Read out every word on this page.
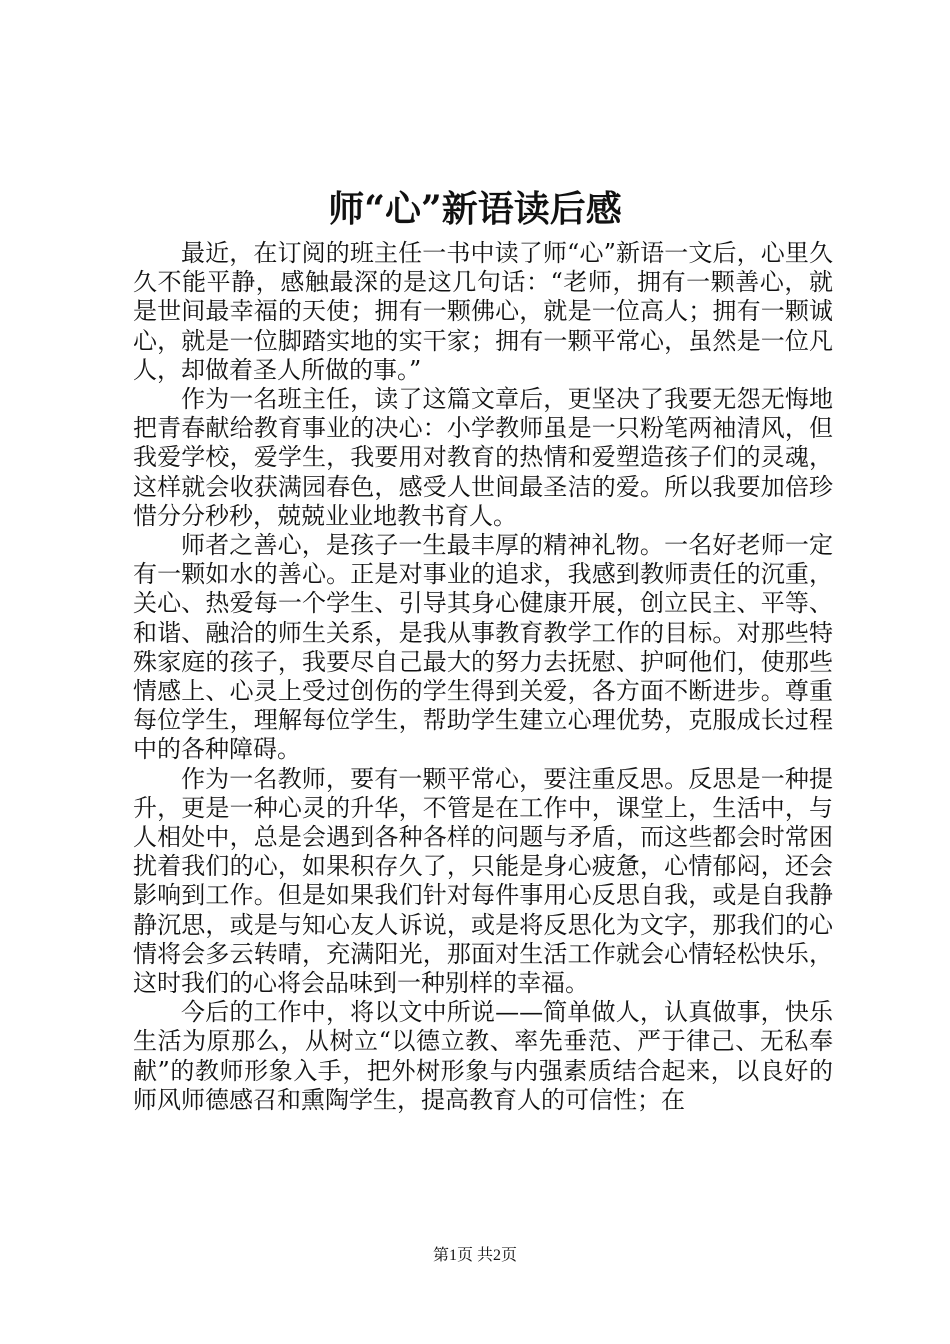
师“心”新语读后感

最近，在订阅的班主任一书中读了师“心”新语一文后，心里久久不能平静，感触最深的是这几句话：“老师，拥有一颗善心，就是世间最幸福的天使；拥有一颗佛心，就是一位高人；拥有一颗诚心，就是一位脚踏实地的实干家；拥有一颗平常心，虽然是一位凡人，却做着圣人所做的事。”

作为一名班主任，读了这篇文章后，更坚决了我要无怨无悔地把青春献给教育事业的决心：小学教师虽是一只粉笔两袖清风，但我爱学校，爱学生，我要用对教育的热情和爱塑造孩子们的灵魂，这样就会收获满园春色，感受人世间最圣洁的爱。所以我要加倍珍惜分分秒秒，兢兢业业地教书育人。

师者之善心，是孩子一生最丰厚的精神礼物。一名好老师一定有一颗如水的善心。正是对事业的追求，我感到教师责任的沉重，关心、热爱每一个学生、引导其身心健康开展，创立民主、平等、和谐、融洽的师生关系，是我从事教育教学工作的目标。对那些特殊家庭的孩子，我要尽自己最大的努力去抚慰、护呵他们，使那些情感上、心灵上受过创伤的学生得到关爱，各方面不断进步。尊重每位学生，理解每位学生，帮助学生建立心理优势，克服成长过程中的各种障碍。

作为一名教师，要有一颗平常心，要注重反思。反思是一种提升，更是一种心灵的升华，不管是在工作中，课堂上，生活中，与人相处中，总是会遇到各种各样的问题与矛盾，而这些都会时常困扰着我们的心，如果积存久了，只能是身心疲惫，心情郁闷，还会影响到工作。但是如果我们针对每件事用心反思自我，或是自我静静沉思，或是与知心友人诉说，或是将反思化为文字，那我们的心情将会多云转晴，充满阳光，那面对生活工作就会心情轻松快乐，这时我们的心将会品味到一种别样的幸福。

今后的工作中，将以文中所说——简单做人，认真做事，快乐生活为原那么，从树立“以德立教、率先垂范、严于律己、无私奉献”的教师形象入手，把外树形象与内强素质结合起来，以良好的师风师德感召和熏陶学生，提高教育人的可信性；在

第1页 共2页
